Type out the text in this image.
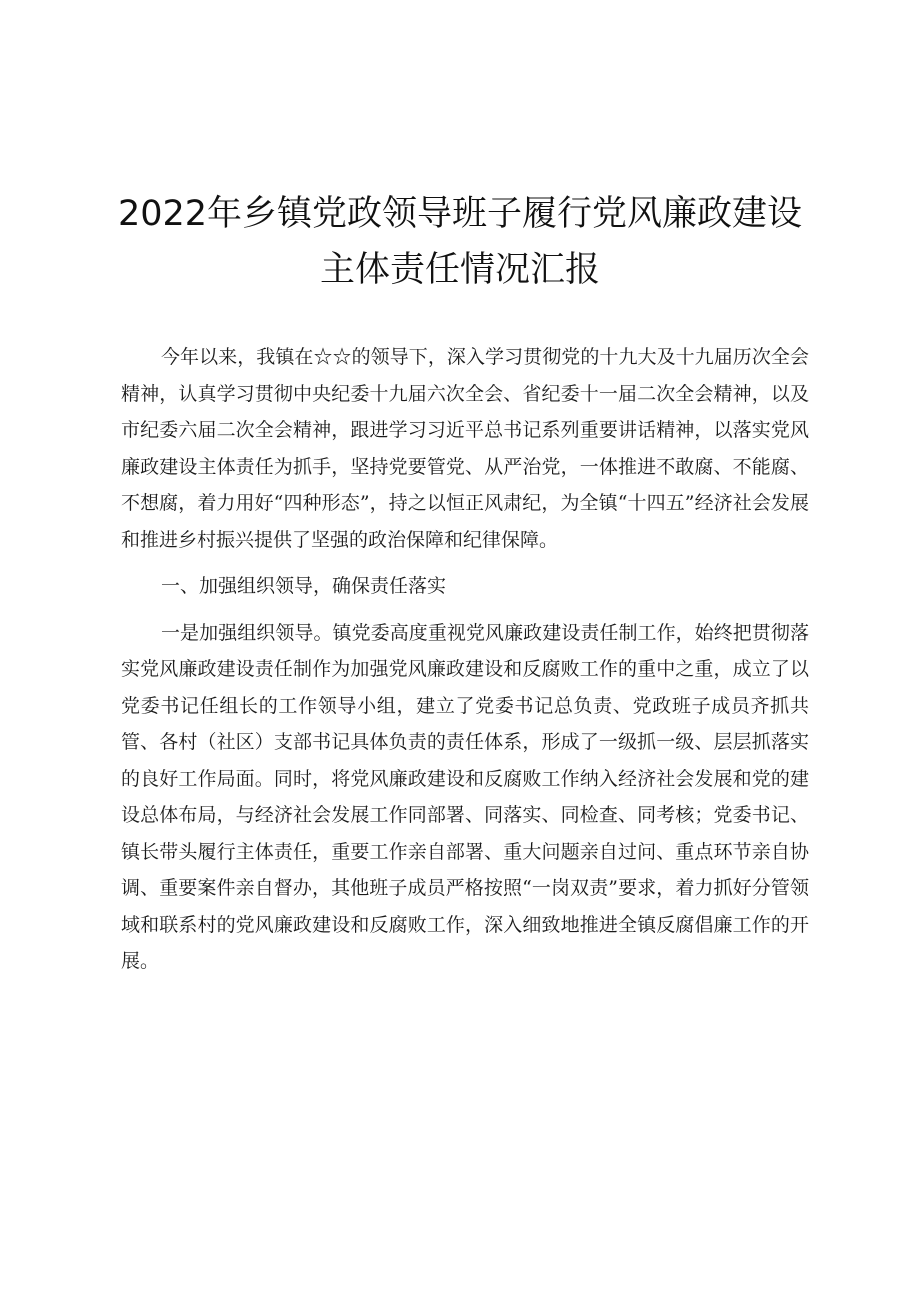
2022年乡镇党政领导班子履行党风廉政建设
主体责任情况汇报

今年以来，我镇在☆☆的领导下，深入学习贯彻党的十九大及十九届历次全会精神，认真学习贯彻中央纪委十九届六次全会、省纪委十一届二次全会精神，以及市纪委六届二次全会精神，跟进学习习近平总书记系列重要讲话精神，以落实党风廉政建设主体责任为抓手，坚持党要管党、从严治党，一体推进不敢腐、不能腐、不想腐，着力用好“四种形态”，持之以恒正风肃纪，为全镇“十四五”经济社会发展和推进乡村振兴提供了坚强的政治保障和纪律保障。

一、加强组织领导，确保责任落实

一是加强组织领导。镇党委高度重视党风廉政建设责任制工作，始终把贯彻落实党风廉政建设责任制作为加强党风廉政建设和反腐败工作的重中之重，成立了以党委书记任组长的工作领导小组，建立了党委书记总负责、党政班子成员齐抓共管、各村（社区）支部书记具体负责的责任体系，形成了一级抓一级、层层抓落实的良好工作局面。同时，将党风廉政建设和反腐败工作纳入经济社会发展和党的建设总体布局，与经济社会发展工作同部署、同落实、同检查、同考核；党委书记、镇长带头履行主体责任，重要工作亲自部署、重大问题亲自过问、重点环节亲自协调、重要案件亲自督办，其他班子成员严格按照“一岗双责”要求，着力抓好分管领域和联系村的党风廉政建设和反腐败工作，深入细致地推进全镇反腐倡廉工作的开展。
